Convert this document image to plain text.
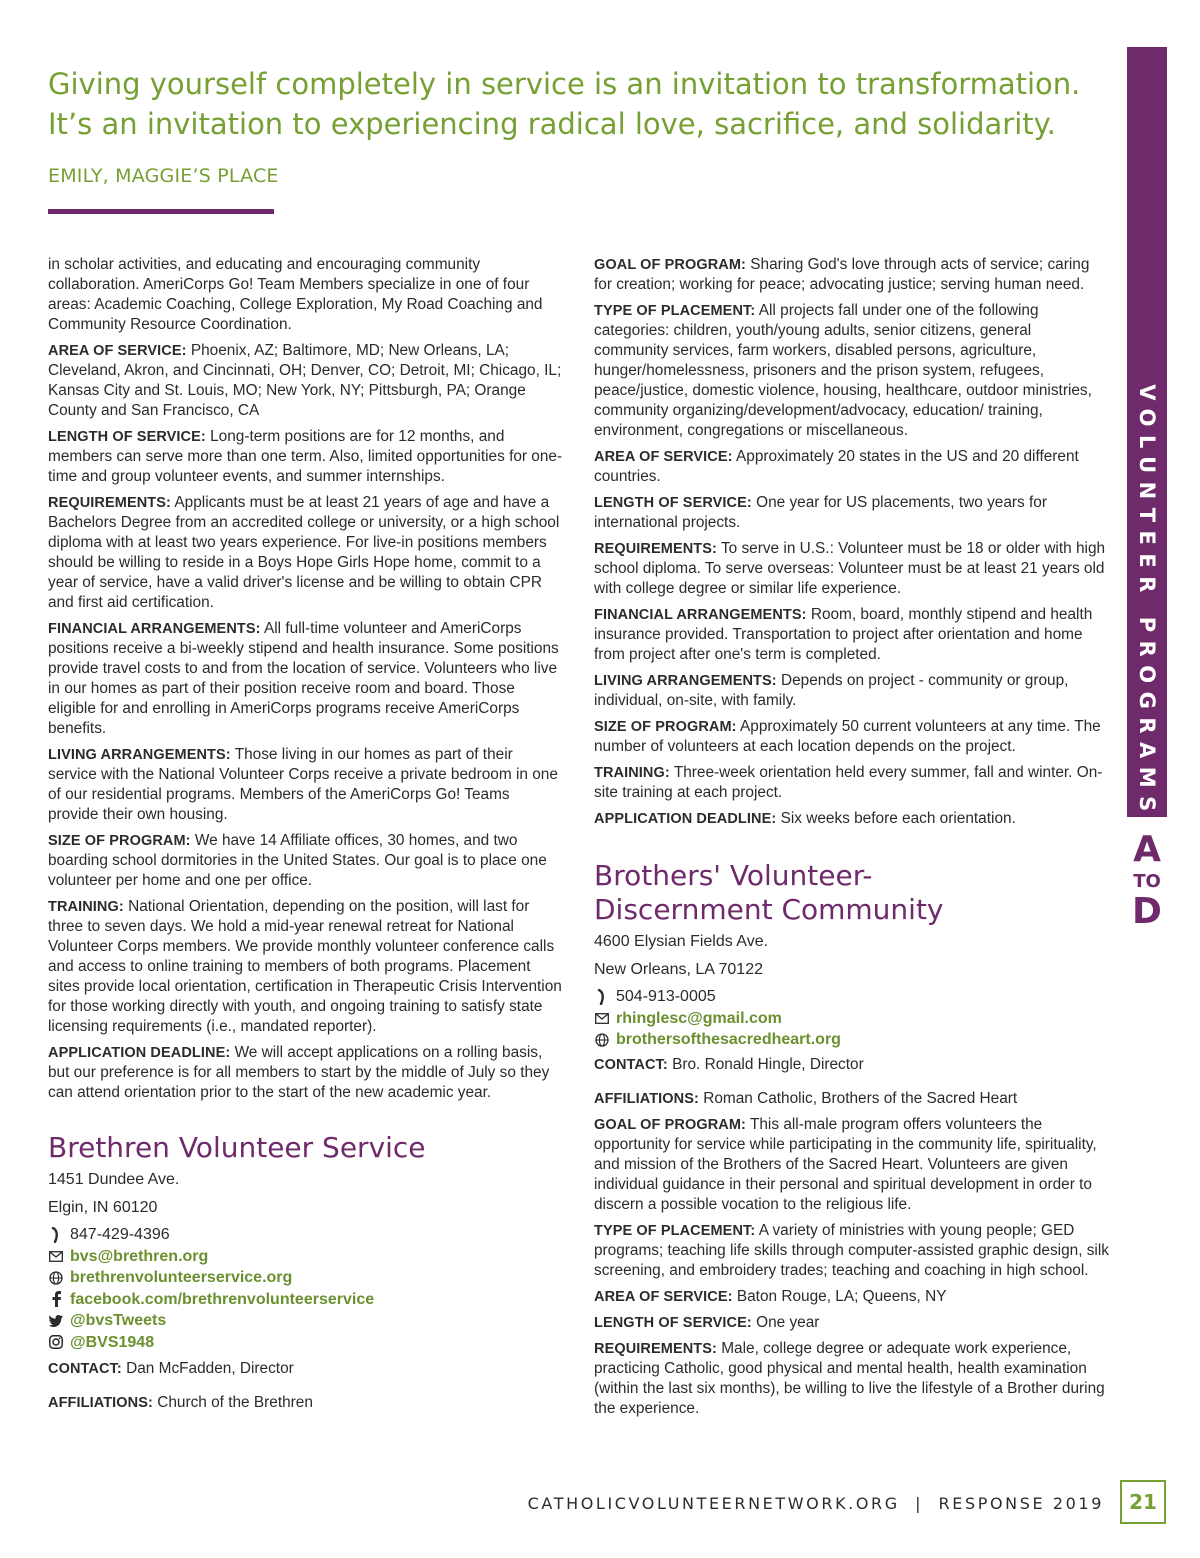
Giving yourself completely in service is an invitation to transformation. It’s an invitation to experiencing radical love, sacrifice, and solidarity.
EMILY, MAGGIE’S PLACE

in scholar activities, and educating and encouraging community collaboration. AmeriCorps Go! Team Members specialize in one of four areas: Academic Coaching, College Exploration, My Road Coaching and Community Resource Coordination.

AREA OF SERVICE: Phoenix, AZ; Baltimore, MD; New Orleans, LA; Cleveland, Akron, and Cincinnati, OH; Denver, CO; Detroit, MI; Chicago, IL; Kansas City and St. Louis, MO; New York, NY; Pittsburgh, PA; Orange County and San Francisco, CA

LENGTH OF SERVICE: Long-term positions are for 12 months, and members can serve more than one term. Also, limited opportunities for one-time and group volunteer events, and summer internships.

REQUIREMENTS: Applicants must be at least 21 years of age and have a Bachelors Degree from an accredited college or university, or a high school diploma with at least two years experience. For live-in positions members should be willing to reside in a Boys Hope Girls Hope home, commit to a year of service, have a valid driver's license and be willing to obtain CPR and first aid certification.

FINANCIAL ARRANGEMENTS: All full-time volunteer and AmeriCorps positions receive a bi-weekly stipend and health insurance. Some positions provide travel costs to and from the location of service. Volunteers who live in our homes as part of their position receive room and board. Those eligible for and enrolling in AmeriCorps programs receive AmeriCorps benefits.

LIVING ARRANGEMENTS: Those living in our homes as part of their service with the National Volunteer Corps receive a private bedroom in one of our residential programs. Members of the AmeriCorps Go! Teams provide their own housing.

SIZE OF PROGRAM: We have 14 Affiliate offices, 30 homes, and two boarding school dormitories in the United States. Our goal is to place one volunteer per home and one per office.

TRAINING: National Orientation, depending on the position, will last for three to seven days. We hold a mid-year renewal retreat for National Volunteer Corps members. We provide monthly volunteer conference calls and access to online training to members of both programs. Placement sites provide local orientation, certification in Therapeutic Crisis Intervention for those working directly with youth, and ongoing training to satisfy state licensing requirements (i.e., mandated reporter).

APPLICATION DEADLINE: We will accept applications on a rolling basis, but our preference is for all members to start by the middle of July so they can attend orientation prior to the start of the new academic year.

Brethren Volunteer Service

1451 Dundee Ave.

Elgin, IN 60120

847-429-4396
bvs@brethren.org
brethrenvolunteerservice.org
facebook.com/brethrenvolunteerservice
@bvsTweets
@BVS1948

CONTACT: Dan McFadden, Director

AFFILIATIONS: Church of the Brethren

GOAL OF PROGRAM: Sharing God's love through acts of service; caring for creation; working for peace; advocating justice; serving human need.

TYPE OF PLACEMENT: All projects fall under one of the following categories: children, youth/young adults, senior citizens, general community services, farm workers, disabled persons, agriculture, hunger/homelessness, prisoners and the prison system, refugees, peace/justice, domestic violence, housing, healthcare, outdoor ministries, community organizing/development/advocacy, education/ training, environment, congregations or miscellaneous.

AREA OF SERVICE: Approximately 20 states in the US and 20 different countries.

LENGTH OF SERVICE: One year for US placements, two years for international projects.

REQUIREMENTS: To serve in U.S.: Volunteer must be 18 or older with high school diploma. To serve overseas: Volunteer must be at least 21 years old with college degree or similar life experience.

FINANCIAL ARRANGEMENTS: Room, board, monthly stipend and health insurance provided. Transportation to project after orientation and home from project after one's term is completed.

LIVING ARRANGEMENTS: Depends on project - community or group, individual, on-site, with family.

SIZE OF PROGRAM: Approximately 50 current volunteers at any time. The number of volunteers at each location depends on the project.

TRAINING: Three-week orientation held every summer, fall and winter. On-site training at each project.

APPLICATION DEADLINE: Six weeks before each orientation.

Brothers' Volunteer-Discernment Community

4600 Elysian Fields Ave.

New Orleans, LA 70122

504-913-0005
rhinglesc@gmail.com
brothersofthesacredheart.org

CONTACT: Bro. Ronald Hingle, Director

AFFILIATIONS: Roman Catholic, Brothers of the Sacred Heart

GOAL OF PROGRAM: This all-male program offers volunteers the opportunity for service while participating in the community life, spirituality, and mission of the Brothers of the Sacred Heart. Volunteers are given individual guidance in their personal and spiritual development in order to discern a possible vocation to the religious life.

TYPE OF PLACEMENT: A variety of ministries with young people; GED programs; teaching life skills through computer-assisted graphic design, silk screening, and embroidery trades; teaching and coaching in high school.

AREA OF SERVICE: Baton Rouge, LA; Queens, NY

LENGTH OF SERVICE: One year

REQUIREMENTS: Male, college degree or adequate work experience, practicing Catholic, good physical and mental health, health examination (within the last six months), be willing to live the lifestyle of a Brother during the experience.

VOLUNTEER PROGRAMS
A
TO
D
CATHOLICVOLUNTEERNETWORK.ORG | RESPONSE 2019	21
